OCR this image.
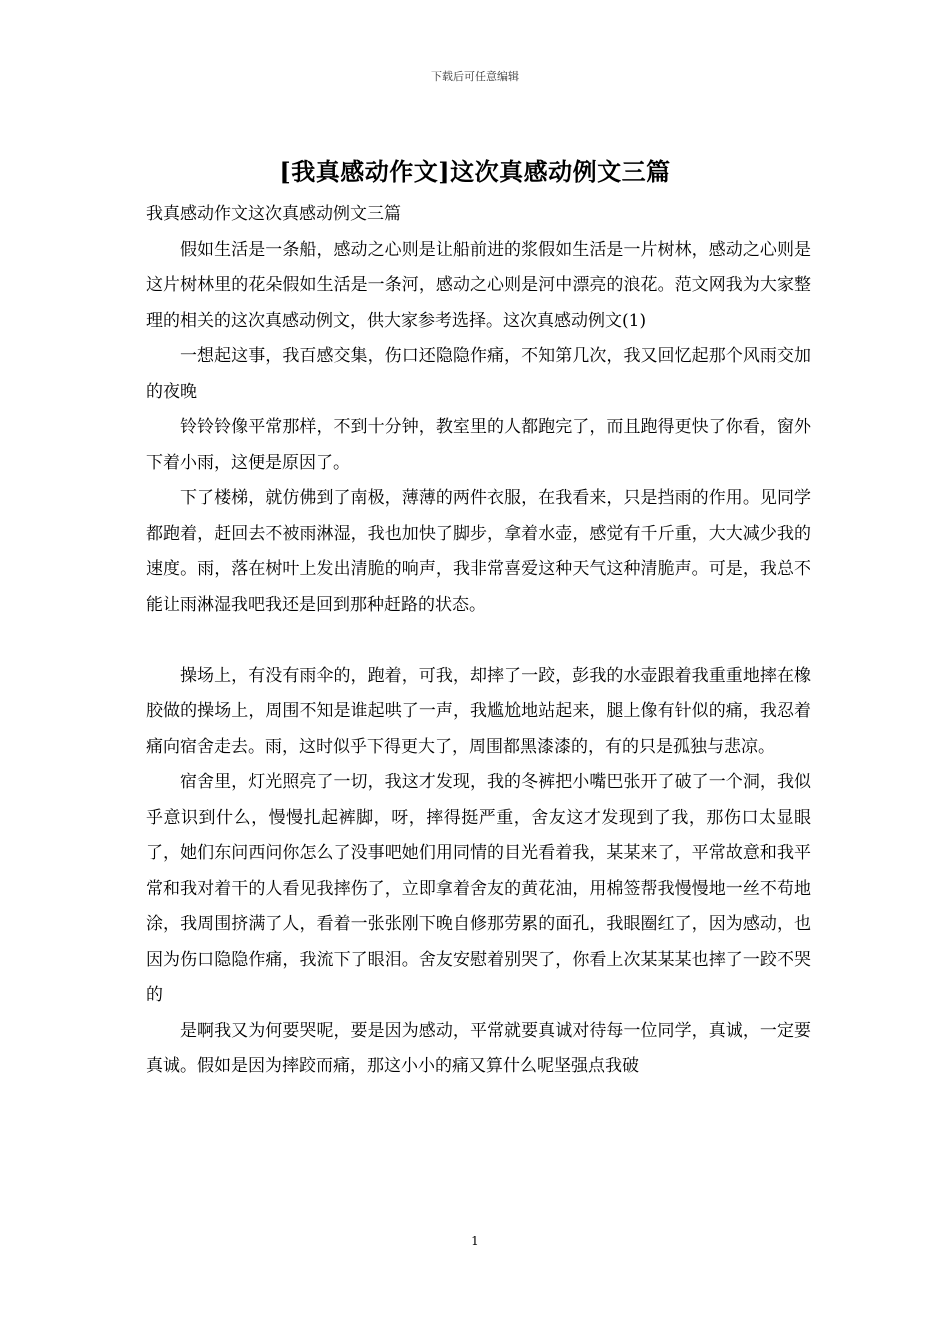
下载后可任意编辑
[我真感动作文]这次真感动例文三篇

我真感动作文这次真感动例文三篇

假如生活是一条船，感动之心则是让船前进的浆假如生活是一片树林，感动之心则是这片树林里的花朵假如生活是一条河，感动之心则是河中漂亮的浪花。范文网我为大家整理的相关的这次真感动例文，供大家参考选择。这次真感动例文(1)

一想起这事，我百感交集，伤口还隐隐作痛，不知第几次，我又回忆起那个风雨交加的夜晚

铃铃铃像平常那样，不到十分钟，教室里的人都跑完了，而且跑得更快了你看，窗外下着小雨，这便是原因了。

下了楼梯，就仿佛到了南极，薄薄的两件衣服，在我看来，只是挡雨的作用。见同学都跑着，赶回去不被雨淋湿，我也加快了脚步，拿着水壶，感觉有千斤重，大大减少我的速度。雨，落在树叶上发出清脆的响声，我非常喜爱这种天气这种清脆声。可是，我总不能让雨淋湿我吧我还是回到那种赶路的状态。

操场上，有没有雨伞的，跑着，可我，却摔了一跤，彭我的水壶跟着我重重地摔在橡胶做的操场上，周围不知是谁起哄了一声，我尴尬地站起来，腿上像有针似的痛，我忍着痛向宿舍走去。雨，这时似乎下得更大了，周围都黑漆漆的，有的只是孤独与悲凉。

宿舍里，灯光照亮了一切，我这才发现，我的冬裤把小嘴巴张开了破了一个洞，我似乎意识到什么，慢慢扎起裤脚，呀，摔得挺严重，舍友这才发现到了我，那伤口太显眼了，她们东问西问你怎么了没事吧她们用同情的目光看着我，某某来了，平常故意和我平常和我对着干的人看见我摔伤了，立即拿着舍友的黄花油，用棉签帮我慢慢地一丝不苟地涂，我周围挤满了人，看着一张张刚下晚自修那劳累的面孔，我眼圈红了，因为感动，也因为伤口隐隐作痛，我流下了眼泪。舍友安慰着别哭了，你看上次某某某也摔了一跤不哭的

是啊我又为何要哭呢，要是因为感动，平常就要真诚对待每一位同学，真诚，一定要真诚。假如是因为摔跤而痛，那这小小的痛又算什么呢坚强点我破

1
